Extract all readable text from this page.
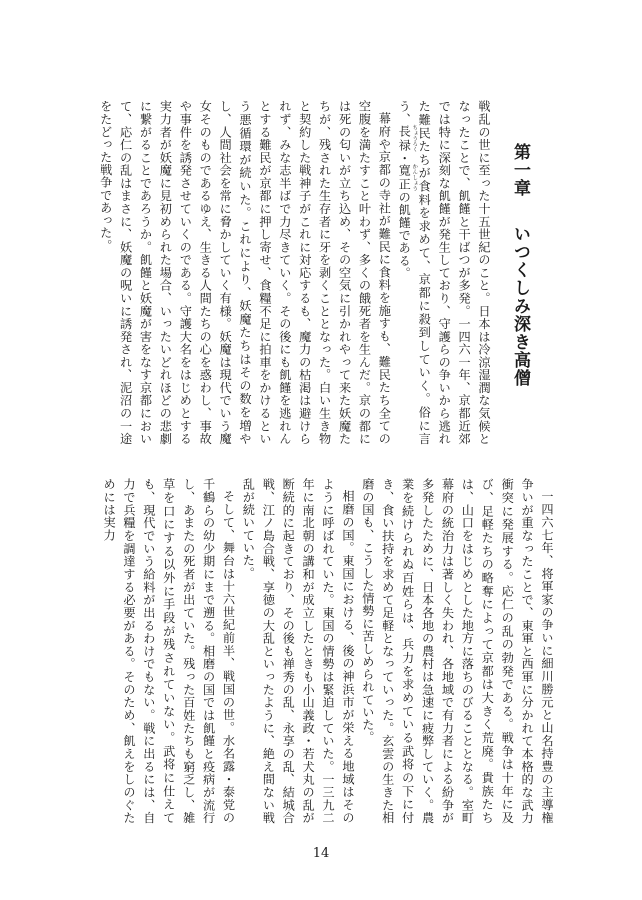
第一章いつくしみ深き高僧

戦乱の世に至った十五世紀のこと。日本は冷涼湿潤な気候となったことで、飢饉と干ばつが多発。一四六一年、京都近郊では特に深刻な飢饉が発生しており、守護らの争いから逃れた難民たちが食料を求めて、京都に殺到していく。俗に言う、長禄 ちょうろく・寛正 かんしょうの飢饉である。

幕府や京都の寺社が難民に食料を施すも、難民たち全ての空腹を満たすこと叶わず、多くの餓死者を生んだ。京の都には死の匂いが立ち込め、その空気に引かれやって来た妖魔たちが、残された生存者に牙を剥くこととなった。白い生き物と契約した戦神子がこれに対応するも、魔力の枯渇は避けられず、みな志半ばで力尽きていく。その後にも飢饉を逃れんとする難民が京都に押し寄せ、食糧不足に拍車をかけるという悪循環が続いた。これにより、妖魔たちはその数を増やし、人間社会を常に脅かしていく有様。妖魔は現代でいう魔女そのものであるゆえ、生きる人間たちの心を惑わし、事故や事件を誘発させていくのである。守護大名をはじめとする実力者が妖魔に見初められた場合、いったいどれほどの悲劇に繋がることであろうか。飢饉と妖魔が害をなす京都において、応仁の乱はまさに、妖魔の呪いに誘発され、泥沼の一途をたどった戦争であった。

一四六七年、将軍家の争いに細川勝元と山名持豊の主導権争いが重なったことで、東軍と西軍に分かれて本格的な武力衝突に発展する。応仁の乱の勃発である。戦争は十年に及び、足軽たちの略奪によって京都は大きく荒廃。貴族たちは、山口をはじめとした地方に落ちのびることとなる。室町幕府の統治力は著しく失われ、各地域で有力者による紛争が多発したために、日本各地の農村は急速に疲弊していく。農業を続けられぬ百姓らは、兵力を求めている武将の下に付き、食い扶持を求めて足軽となっていった。玄雲の生きた相磨の国も、こうした情勢に苦しめられていた。

相磨の国。東国における、後の神浜市が栄える地域はそのように呼ばれていた。東国の情勢は緊迫していた。一三九二年に南北朝の講和が成立したときも小山義政・若犬丸の乱が断続的に起きており、その後も禅秀の乱、永享の乱、結城合戦、江ノ島合戦、享徳の大乱といったように、絶え間ない戦乱が続いていた。

そして、舞台は十六世紀前半、戦国の世。水名露・泰党の千鶴らの幼少期にまで遡る。相磨の国では飢饉と疫病が流行し、あまたの死者が出ていた。残った百姓たちも窮乏し、雑草を口にする以外に手段が残されていない。武将に仕えても、現代でいう給料が出るわけでもない。戦に出るには、自力で兵糧を調達する必要がある。そのため、飢えをしのぐためには実力

14
